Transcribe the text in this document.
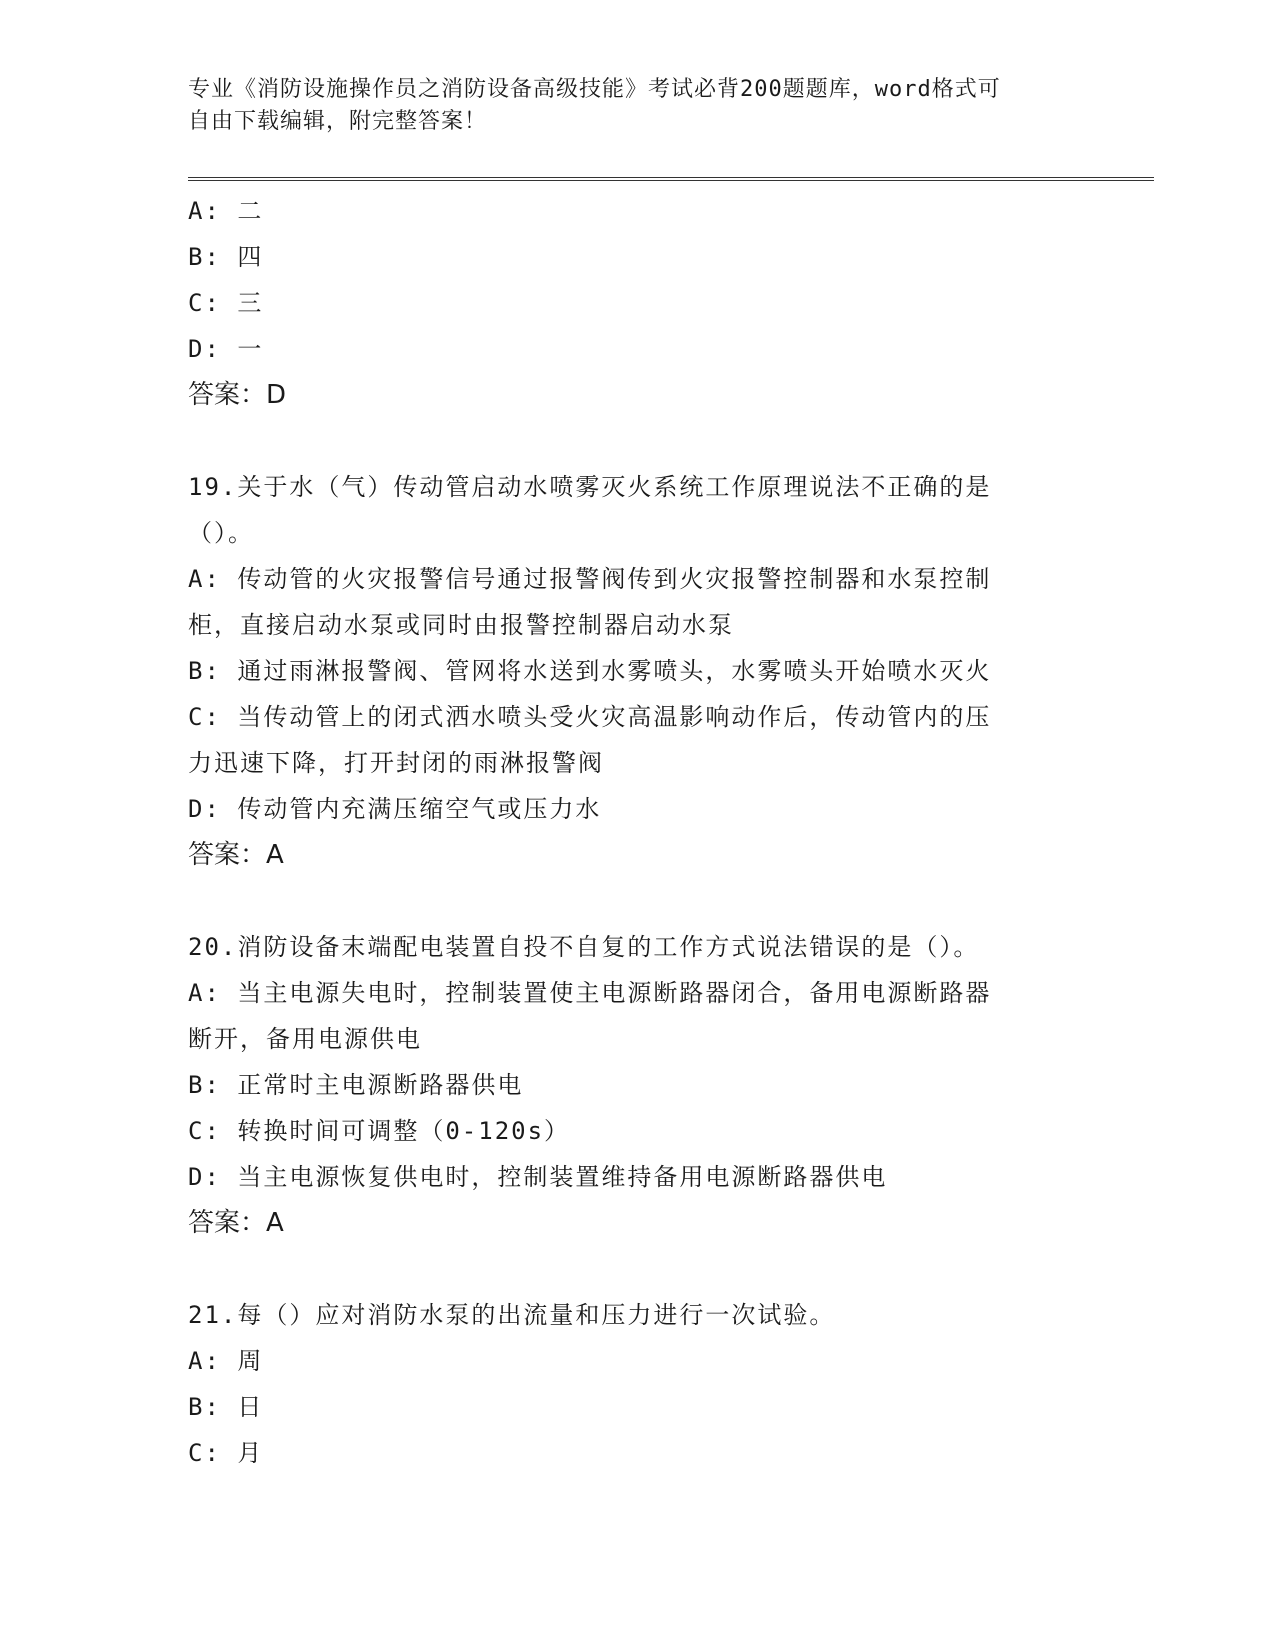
专业《消防设施操作员之消防设备高级技能》考试必背200题题库，word格式可
自由下载编辑，附完整答案！
A: 二
B: 四
C: 三
D: 一
答案：D
19.关于水（气）传动管启动水喷雾灭火系统工作原理说法不正确的是
（）。
A: 传动管的火灾报警信号通过报警阀传到火灾报警控制器和水泵控制
柜，直接启动水泵或同时由报警控制器启动水泵
B: 通过雨淋报警阀、管网将水送到水雾喷头，水雾喷头开始喷水灭火
C: 当传动管上的闭式洒水喷头受火灾高温影响动作后，传动管内的压
力迅速下降，打开封闭的雨淋报警阀
D: 传动管内充满压缩空气或压力水
答案：A
20.消防设备末端配电装置自投不自复的工作方式说法错误的是（）。
A: 当主电源失电时，控制装置使主电源断路器闭合，备用电源断路器
断开，备用电源供电
B: 正常时主电源断路器供电
C: 转换时间可调整（0-120s）
D: 当主电源恢复供电时，控制装置维持备用电源断路器供电
答案：A
21.每（）应对消防水泵的出流量和压力进行一次试验。
A: 周
B: 日
C: 月
